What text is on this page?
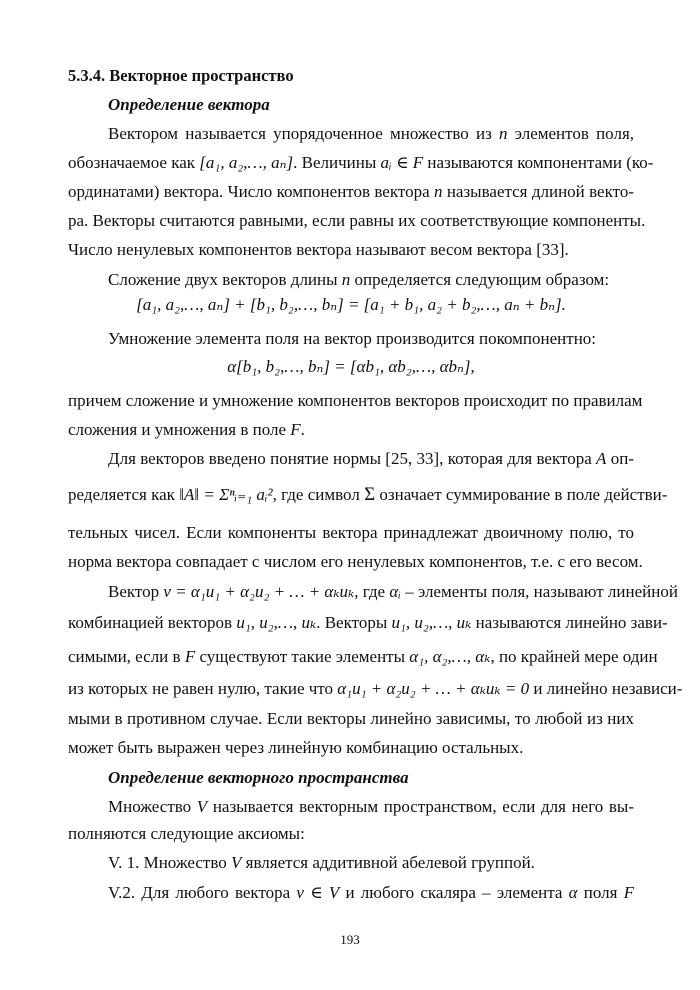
5.3.4. Векторное пространство

Определение вектора

Вектором называется упорядоченное множество из n элементов поля,

обозначаемое как [a₁, a₂,…, aₙ]. Величины aᵢ ∈ F называются компонентами (ко-

ординатами) вектора. Число компонентов вектора n называется длиной векто-

ра. Векторы считаются равными, если равны их соответствующие компоненты.

Число ненулевых компонентов вектора называют весом вектора [33].

Сложение двух векторов длины n определяется следующим образом:

[a₁, a₂,…, aₙ] + [b₁, b₂,…, bₙ] = [a₁ + b₁, a₂ + b₂,…, aₙ + bₙ].

Умножение элемента поля на вектор производится покомпонентно:

α[b₁, b₂,…, bₙ] = [αb₁, αb₂,…, αbₙ],

причем сложение и умножение компонентов векторов происходит по правилам

сложения и умножения в поле F.

Для векторов введено понятие нормы [25, 33], которая для вектора A оп-

ределяется как ‖A‖ = Σⁿᵢ₌₁ aᵢ², где символ Σ означает суммирование в поле действи-

тельных чисел. Если компоненты вектора принадлежат двоичному полю, то

норма вектора совпадает с числом его ненулевых компонентов, т.е. с его весом.

Вектор v = α₁u₁ + α₂u₂ + … + αₖuₖ, где αᵢ – элементы поля, называют линейной

комбинацией векторов u₁, u₂,…, uₖ. Векторы u₁, u₂,…, uₖ называются линейно зави-

симыми, если в F существуют такие элементы α₁, α₂,…, αₖ, по крайней мере один

из которых не равен нулю, такие что α₁u₁ + α₂u₂ + … + αₖuₖ = 0 и линейно независи-

мыми в противном случае. Если векторы линейно зависимы, то любой из них

может быть выражен через линейную комбинацию остальных.

Определение векторного пространства

Множество V называется векторным пространством, если для него вы-

полняются следующие аксиомы:

V. 1. Множество V является аддитивной абелевой группой.

V.2. Для любого вектора v ∈ V и любого скаляра – элемента α поля F

193
